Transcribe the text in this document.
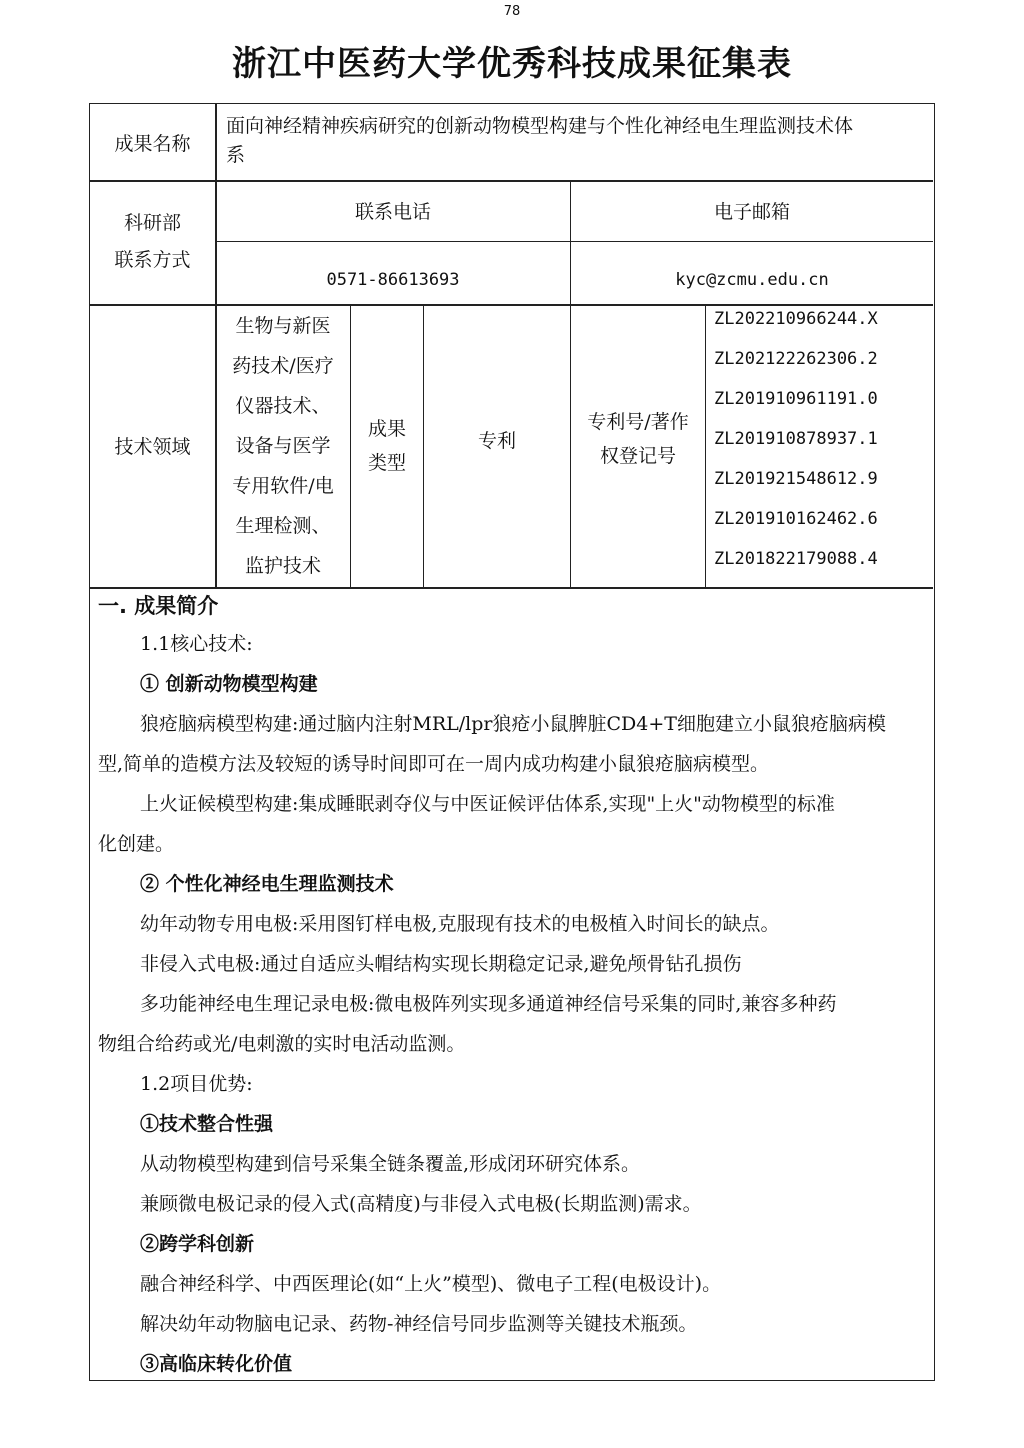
78
浙江中医药大学优秀科技成果征集表
成果名称
面向神经精神疾病研究的创新动物模型构建与个性化神经电生理监测技术体
系
科研部
联系方式
联系电话	电子邮箱
0571-86613693	kyc@zcmu.edu.cn
技术领域
生物与新医
药技术/医疗
仪器技术、
设备与医学
专用软件/电
生理检测、
监护技术
成果
类型
专利
专利号/著作
权登记号
ZL202210966244.X
ZL202122262306.2
ZL201910961191.0
ZL201910878937.1
ZL201921548612.9
ZL201910162462.6
ZL201822179088.4

一. 成果简介

1.1核心技术:

① 创新动物模型构建

狼疮脑病模型构建:通过脑内注射MRL/lpr狼疮小鼠脾脏CD4+T细胞建立小鼠狼疮脑病模

型,简单的造模方法及较短的诱导时间即可在一周内成功构建小鼠狼疮脑病模型。

上火证候模型构建:集成睡眠剥夺仪与中医证候评估体系,实现"上火"动物模型的标准

化创建。

② 个性化神经电生理监测技术

幼年动物专用电极:采用图钉样电极,克服现有技术的电极植入时间长的缺点。

非侵入式电极:通过自适应头帽结构实现长期稳定记录,避免颅骨钻孔损伤

多功能神经电生理记录电极:微电极阵列实现多通道神经信号采集的同时,兼容多种药

物组合给药或光/电刺激的实时电活动监测。

1.2项目优势:

①技术整合性强

从动物模型构建到信号采集全链条覆盖,形成闭环研究体系。

兼顾微电极记录的侵入式(高精度)与非侵入式电极(长期监测)需求。

②跨学科创新

融合神经科学、中西医理论(如“上火”模型)、微电子工程(电极设计)。

解决幼年动物脑电记录、药物-神经信号同步监测等关键技术瓶颈。

③高临床转化价值
